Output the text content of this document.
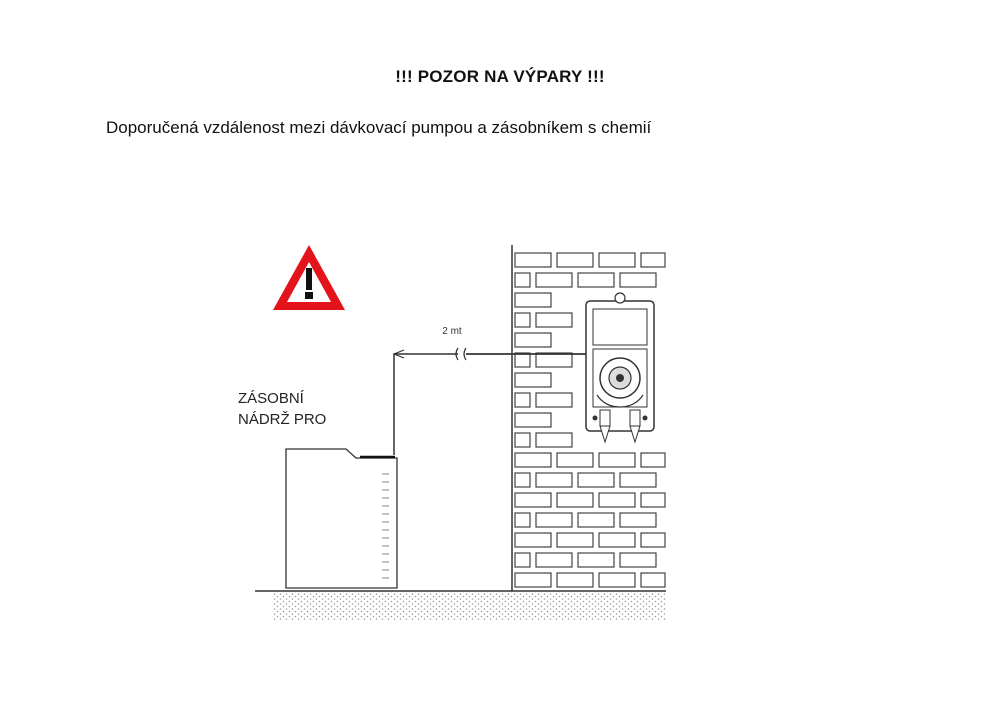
!!! POZOR NA VÝPARY !!!
Doporučená vzdálenost mezi dávkovací pumpou a zásobníkem s chemií
2 mt
ZÁSOBNÍ
NÁDRŽ PRO
